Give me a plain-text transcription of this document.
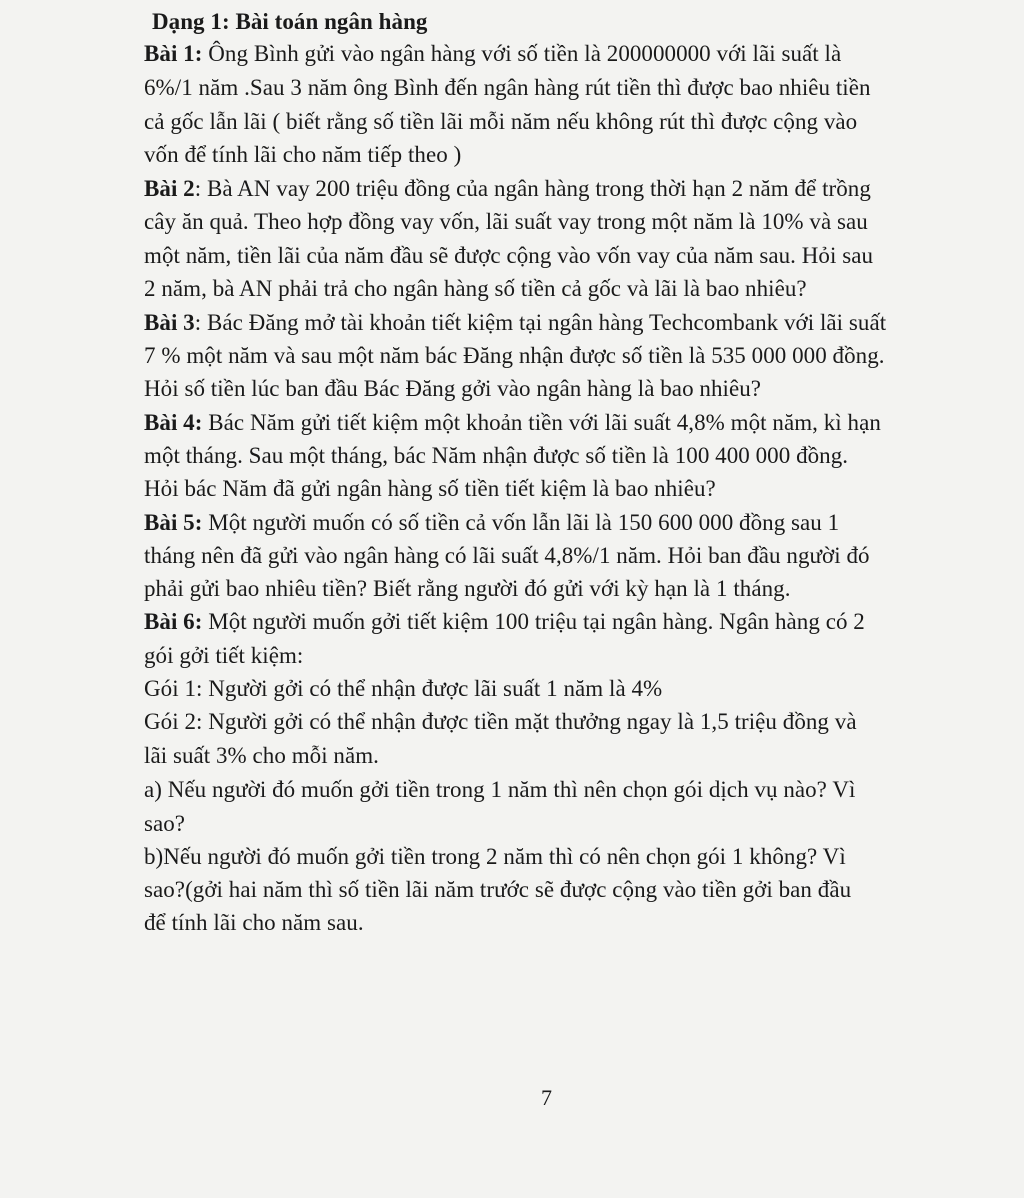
Dạng 1: Bài toán ngân hàng
Bài 1: Ông Bình gửi vào ngân hàng với số tiền là 200000000 với lãi suất là
6%/1 năm .Sau 3 năm ông Bình đến ngân hàng rút tiền thì được bao nhiêu tiền
cả gốc lẫn lãi ( biết rằng số tiền lãi mỗi năm nếu không rút thì được cộng vào
vốn để tính lãi cho năm tiếp theo )
Bài 2: Bà AN vay 200 triệu đồng của ngân hàng trong thời hạn 2 năm để trồng
cây ăn quả. Theo hợp đồng vay vốn, lãi suất vay trong một năm là 10% và sau
một năm, tiền lãi của năm đầu sẽ được cộng vào vốn vay của năm sau. Hỏi sau
2 năm, bà AN phải trả cho ngân hàng số tiền cả gốc và lãi là bao nhiêu?
Bài 3: Bác Đăng mở tài khoản tiết kiệm tại ngân hàng Techcombank với lãi suất
7 % một năm và sau một năm bác Đăng nhận được số tiền là 535 000 000 đồng.
Hỏi số tiền lúc ban đầu Bác Đăng gởi vào ngân hàng là bao nhiêu?
Bài 4: Bác Năm gửi tiết kiệm một khoản tiền với lãi suất 4,8% một năm, kì hạn
một tháng. Sau một tháng, bác Năm nhận được số tiền là 100 400 000 đồng.
Hỏi bác Năm đã gửi ngân hàng số tiền tiết kiệm là bao nhiêu?
Bài 5: Một người muốn có số tiền cả vốn lẫn lãi là 150 600 000 đồng sau 1
tháng nên đã gửi vào ngân hàng có lãi suất 4,8%/1 năm. Hỏi ban đầu người đó
phải gửi bao nhiêu tiền? Biết rằng người đó gửi với kỳ hạn là 1 tháng.
Bài 6: Một người muốn gởi tiết kiệm 100 triệu tại ngân hàng. Ngân hàng có 2
gói gởi tiết kiệm:
Gói 1: Người gởi có thể nhận được lãi suất 1 năm là 4%
Gói 2: Người gởi có thể nhận được tiền mặt thưởng ngay là 1,5 triệu đồng và
lãi suất 3% cho mỗi năm.
a) Nếu người đó muốn gởi tiền trong 1 năm thì nên chọn gói dịch vụ nào? Vì
sao?
b)Nếu người đó muốn gởi tiền trong 2 năm thì có nên chọn gói 1 không? Vì
sao?(gởi hai năm thì số tiền lãi năm trước sẽ được cộng vào tiền gởi ban đầu
để tính lãi cho năm sau.
7
